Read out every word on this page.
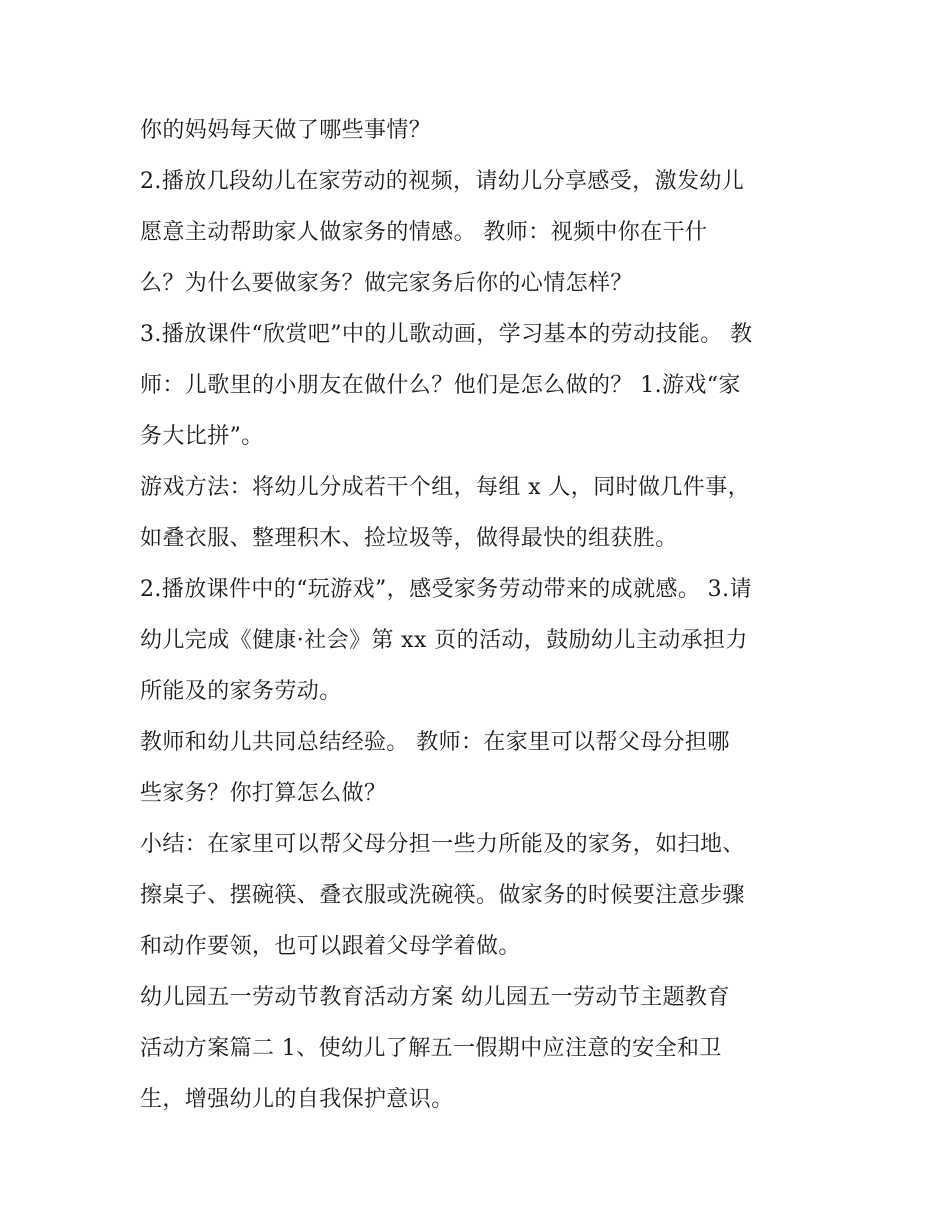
你的妈妈每天做了哪些事情？
2.播放几段幼儿在家劳动的视频，请幼儿分享感受，激发幼儿
愿意主动帮助家人做家务的情感。 教师：视频中你在干什
么？为什么要做家务？做完家务后你的心情怎样？
3.播放课件“欣赏吧”中的儿歌动画，学习基本的劳动技能。 教
师：儿歌里的小朋友在做什么？他们是怎么做的？ 1.游戏“家
务大比拼”。
游戏方法：将幼儿分成若干个组，每组 x 人，同时做几件事，
如叠衣服、整理积木、捡垃圾等，做得最快的组获胜。
2.播放课件中的“玩游戏”，感受家务劳动带来的成就感。 3.请
幼儿完成《健康·社会》第 xx 页的活动，鼓励幼儿主动承担力
所能及的家务劳动。
教师和幼儿共同总结经验。 教师：在家里可以帮父母分担哪
些家务？你打算怎么做？
小结：在家里可以帮父母分担一些力所能及的家务，如扫地、
擦桌子、摆碗筷、叠衣服或洗碗筷。做家务的时候要注意步骤
和动作要领，也可以跟着父母学着做。
幼儿园五一劳动节教育活动方案 幼儿园五一劳动节主题教育
活动方案篇二 1、使幼儿了解五一假期中应注意的安全和卫
生，增强幼儿的自我保护意识。
